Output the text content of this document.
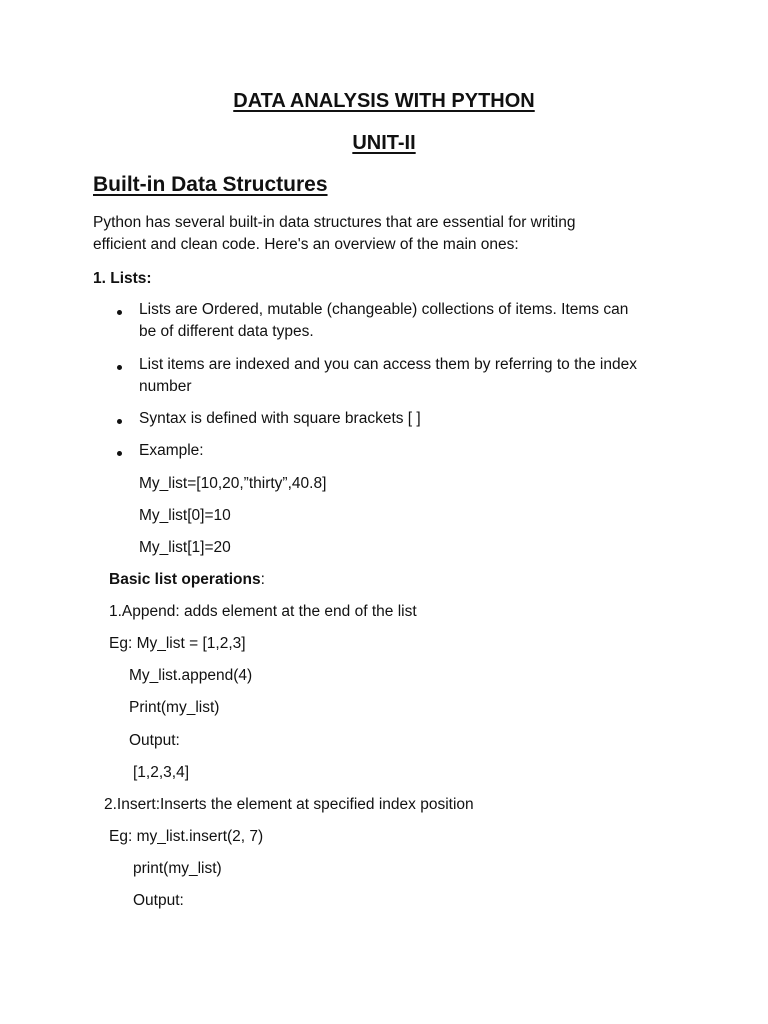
DATA ANALYSIS WITH PYTHON
UNIT-II
Built-in Data Structures
Python has several built-in data structures that are essential for writing
efficient and clean code. Here's an overview of the main ones:
1. Lists:
Lists are Ordered, mutable (changeable) collections of items. Items can
be of different data types.
List items are indexed and you can access them by referring to the index
number
Syntax is defined with square brackets [ ]
Example:
My_list=[10,20,”thirty”,40.8]
My_list[0]=10
My_list[1]=20
Basic list operations:
1.Append: adds element at the end of the list
Eg: My_list = [1,2,3]
My_list.append(4)
Print(my_list)
Output:
[1,2,3,4]
2.Insert:Inserts the element at specified index position
Eg: my_list.insert(2, 7)
print(my_list)
Output:
